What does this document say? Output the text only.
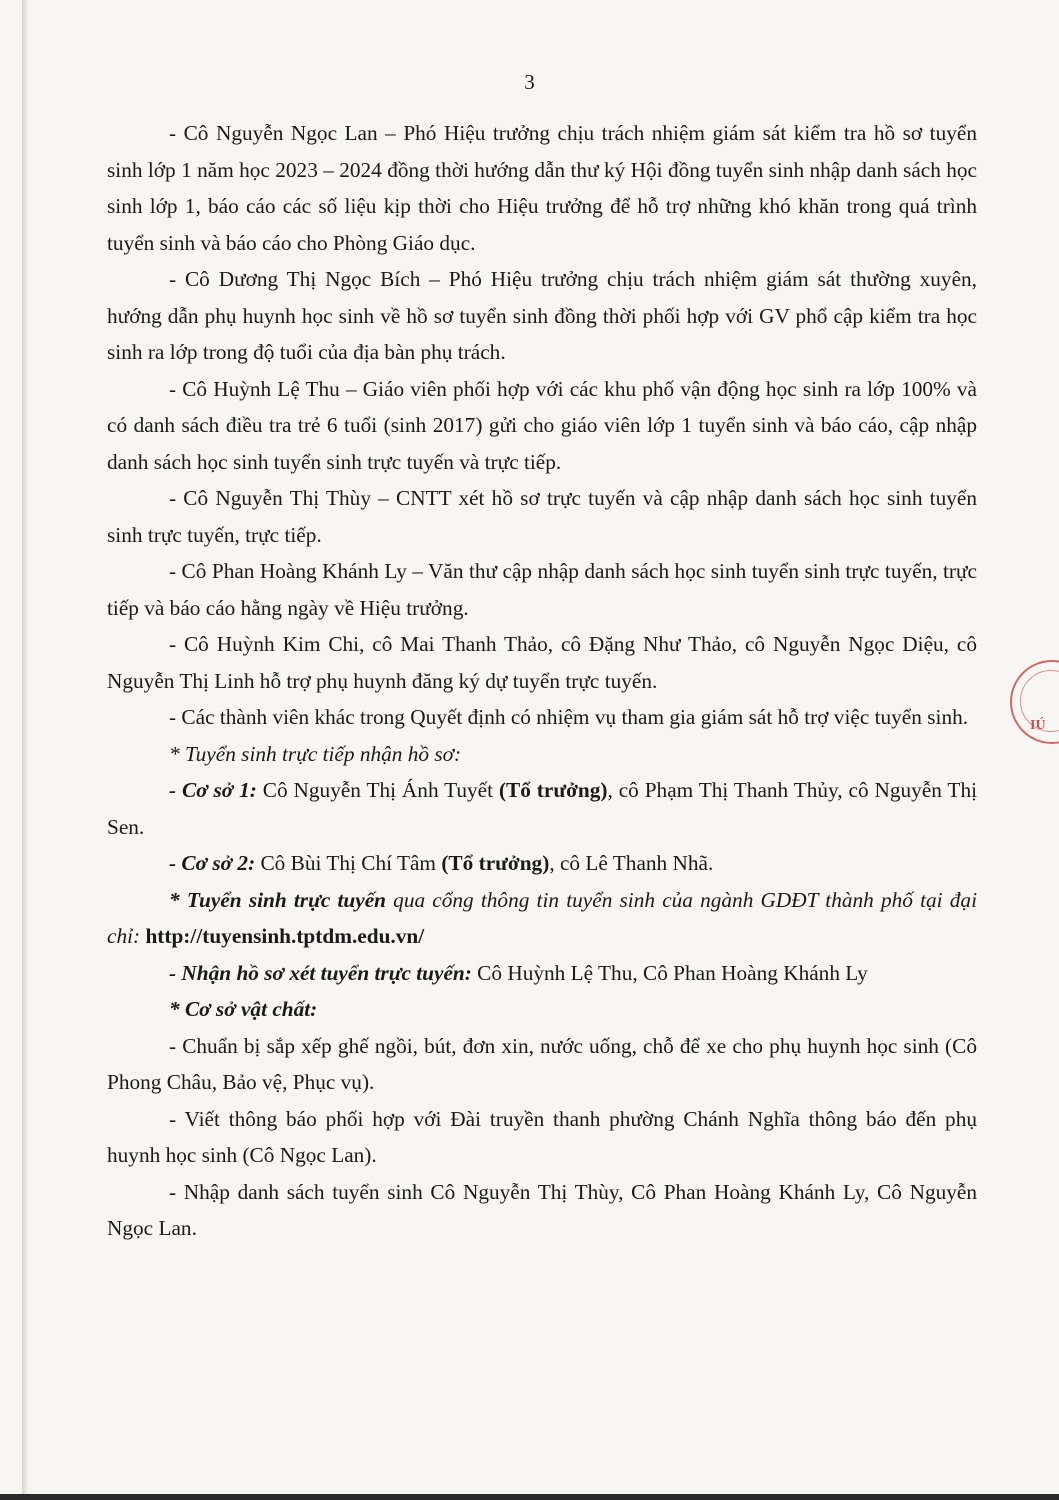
3

- Cô Nguyễn Ngọc Lan – Phó Hiệu trưởng chịu trách nhiệm giám sát kiểm tra hồ sơ tuyển sinh lớp 1 năm học 2023 – 2024 đồng thời hướng dẫn thư ký Hội đồng tuyển sinh nhập danh sách học sinh lớp 1, báo cáo các số liệu kịp thời cho Hiệu trưởng để hỗ trợ những khó khăn trong quá trình tuyển sinh và báo cáo cho Phòng Giáo dục.

- Cô Dương Thị Ngọc Bích – Phó Hiệu trưởng chịu trách nhiệm giám sát thường xuyên, hướng dẫn phụ huynh học sinh về hồ sơ tuyển sinh đồng thời phối hợp với GV phổ cập kiểm tra học sinh ra lớp trong độ tuổi của địa bàn phụ trách.

- Cô Huỳnh Lệ Thu – Giáo viên phối hợp với các khu phố vận động học sinh ra lớp 100% và có danh sách điều tra trẻ 6 tuổi (sinh 2017) gửi cho giáo viên lớp 1 tuyển sinh và báo cáo, cập nhập danh sách học sinh tuyển sinh trực tuyến và trực tiếp.

- Cô Nguyễn Thị Thùy – CNTT xét hồ sơ trực tuyến và cập nhập danh sách học sinh tuyển sinh trực tuyến, trực tiếp.

- Cô Phan Hoàng Khánh Ly – Văn thư cập nhập danh sách học sinh tuyển sinh trực tuyến, trực tiếp và báo cáo hằng ngày về Hiệu trưởng.

- Cô Huỳnh Kim Chi, cô Mai Thanh Thảo, cô Đặng Như Thảo, cô Nguyễn Ngọc Diệu, cô Nguyễn Thị Linh hỗ trợ phụ huynh đăng ký dự tuyển trực tuyến.

- Các thành viên khác trong Quyết định có nhiệm vụ tham gia giám sát hỗ trợ việc tuyển sinh.

* Tuyển sinh trực tiếp nhận hồ sơ:

- Cơ sở 1: Cô Nguyễn Thị Ánh Tuyết (Tổ trưởng), cô Phạm Thị Thanh Thủy, cô Nguyễn Thị Sen.

- Cơ sở 2: Cô Bùi Thị Chí Tâm (Tổ trưởng), cô Lê Thanh Nhã.

* Tuyển sinh trực tuyến qua cổng thông tin tuyển sinh của ngành GDĐT thành phố tại đại chỉ: http://tuyensinh.tptdm.edu.vn/

- Nhận hồ sơ xét tuyển trực tuyến: Cô Huỳnh Lệ Thu, Cô Phan Hoàng Khánh Ly

* Cơ sở vật chất:

- Chuẩn bị sắp xếp ghế ngồi, bút, đơn xin, nước uống, chỗ để xe cho phụ huynh học sinh (Cô Phong Châu, Bảo vệ, Phục vụ).

- Viết thông báo phối hợp với Đài truyền thanh phường Chánh Nghĩa thông báo đến phụ huynh học sinh (Cô Ngọc Lan).

- Nhập danh sách tuyển sinh Cô Nguyễn Thị Thùy, Cô Phan Hoàng Khánh Ly, Cô Nguyễn Ngọc Lan.

IÚ
